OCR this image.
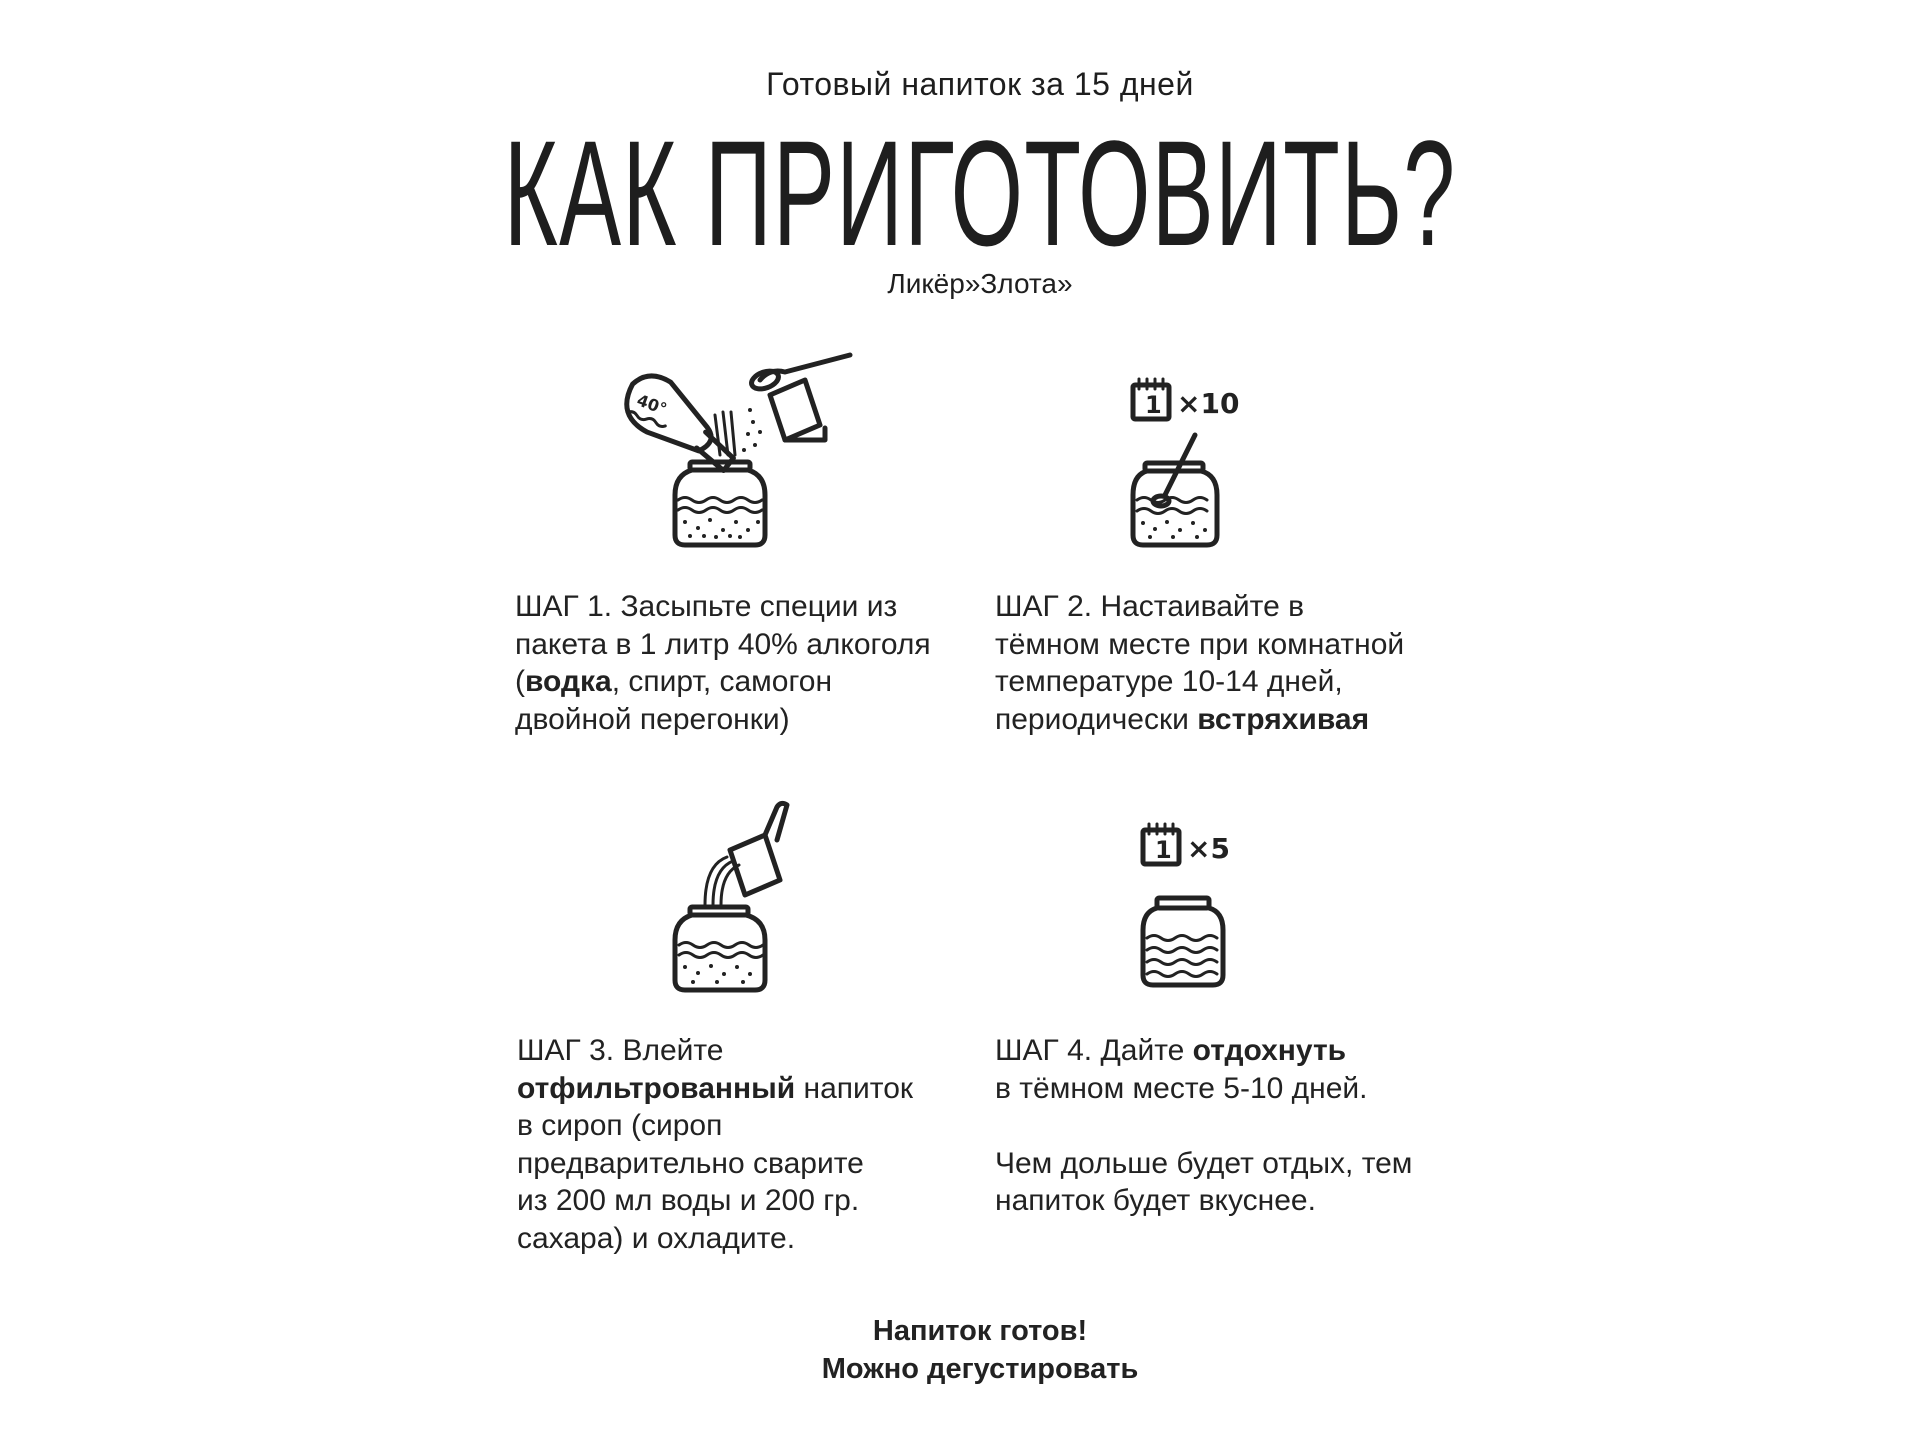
Готовый напиток за 15 дней
КАК ПРИГОТОВИТЬ?
Ликёр»Злота»
40°	1 ×10
1 ×5
ШАГ 1. Засыпьте специи из
пакета в 1 литр 40% алкоголя
(водка, спирт, самогон
двойной перегонки)
ШАГ 2. Настаивайте в
тёмном месте при комнатной
температуре 10-14 дней,
периодически встряхивая
ШАГ 3. Влейте
отфильтрованный напиток
в сироп (сироп
предварительно сварите
из 200 мл воды и 200 гр.
сахара) и охладите.
ШАГ 4. Дайте отдохнуть
в тёмном месте 5-10 дней.

Чем дольше будет отдых, тем
напиток будет вкуснее.
Напиток готов!
Можно дегустировать
